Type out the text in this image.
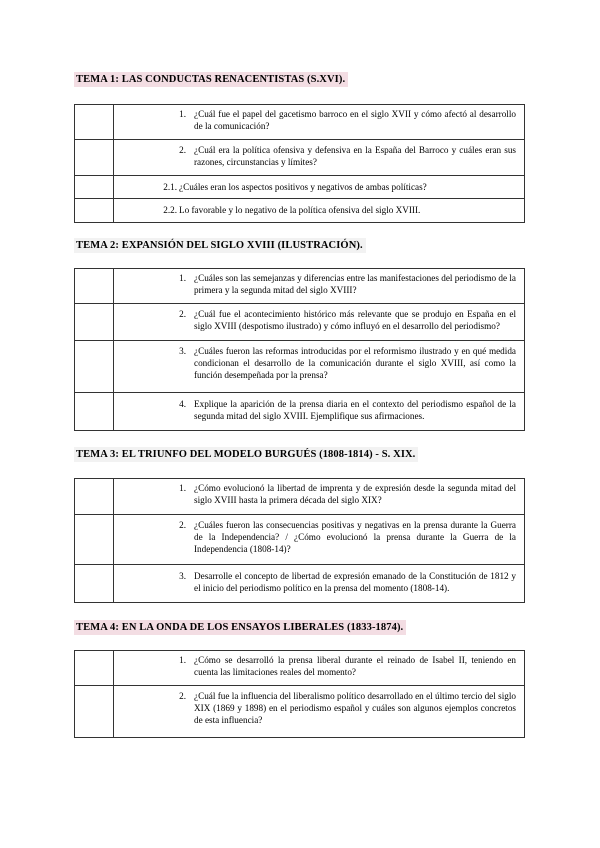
TEMA 1: LAS CONDUCTAS RENACENTISTAS (S.XVI).

	1. ¿Cuál fue el papel del gacetismo barroco en el siglo XVII y cómo afectó al desarrollo de la comunicación?

	2. ¿Cuál era la política ofensiva y defensiva en la España del Barroco y cuáles eran sus razones, circunstancias y límites?

	2.1. ¿Cuáles eran los aspectos positivos y negativos de ambas políticas?

	2.2. Lo favorable y lo negativo de la política ofensiva del siglo XVIII.
TEMA 2: EXPANSIÓN DEL SIGLO XVIII (ILUSTRACIÓN).

	1. ¿Cuáles son las semejanzas y diferencias entre las manifestaciones del periodismo de la primera y la segunda mitad del siglo XVIII?

	2. ¿Cuál fue el acontecimiento histórico más relevante que se produjo en España en el siglo XVIII (despotismo ilustrado) y cómo influyó en el desarrollo del periodismo?

	3. ¿Cuáles fueron las reformas introducidas por el reformismo ilustrado y en qué medida condicionan el desarrollo de la comunicación durante el siglo XVIII, así como la función desempeñada por la prensa?

	4. Explique la aparición de la prensa diaria en el contexto del periodismo español de la segunda mitad del siglo XVIII. Ejemplifique sus afirmaciones.
TEMA 3: EL TRIUNFO DEL MODELO BURGUÉS (1808-1814) - S. XIX.

	1. ¿Cómo evolucionó la libertad de imprenta y de expresión desde la segunda mitad del siglo XVIII hasta la primera década del siglo XIX?

	2. ¿Cuáles fueron las consecuencias positivas y negativas en la prensa durante la Guerra de la Independencia? / ¿Cómo evolucionó la prensa durante la Guerra de la Independencia (1808-14)?

	3. Desarrolle el concepto de libertad de expresión emanado de la Constitución de 1812 y el inicio del periodismo político en la prensa del momento (1808-14).
TEMA 4: EN LA ONDA DE LOS ENSAYOS LIBERALES (1833-1874).

	1. ¿Cómo se desarrolló la prensa liberal durante el reinado de Isabel II, teniendo en cuenta las limitaciones reales del momento?

	2. ¿Cuál fue la influencia del liberalismo político desarrollado en el último tercio del siglo XIX (1869 y 1898) en el periodismo español y cuáles son algunos ejemplos concretos de esta influencia?
